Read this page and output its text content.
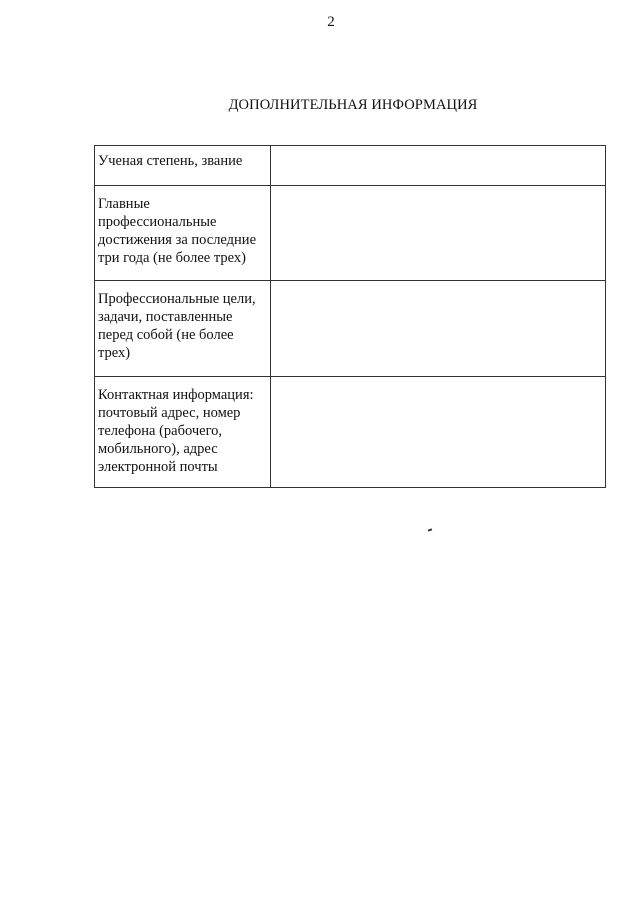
2
ДОПОЛНИТЕЛЬНАЯ ИНФОРМАЦИЯ
Ученая степень, звание	
Главные профессиональные достижения за последние три года (не более трех)	
Профессиональные цели, задачи, поставленные перед собой (не более трех)	
Контактная информация: почтовый адрес, номер телефона (рабочего, мобильного), адрес электронной почты	
